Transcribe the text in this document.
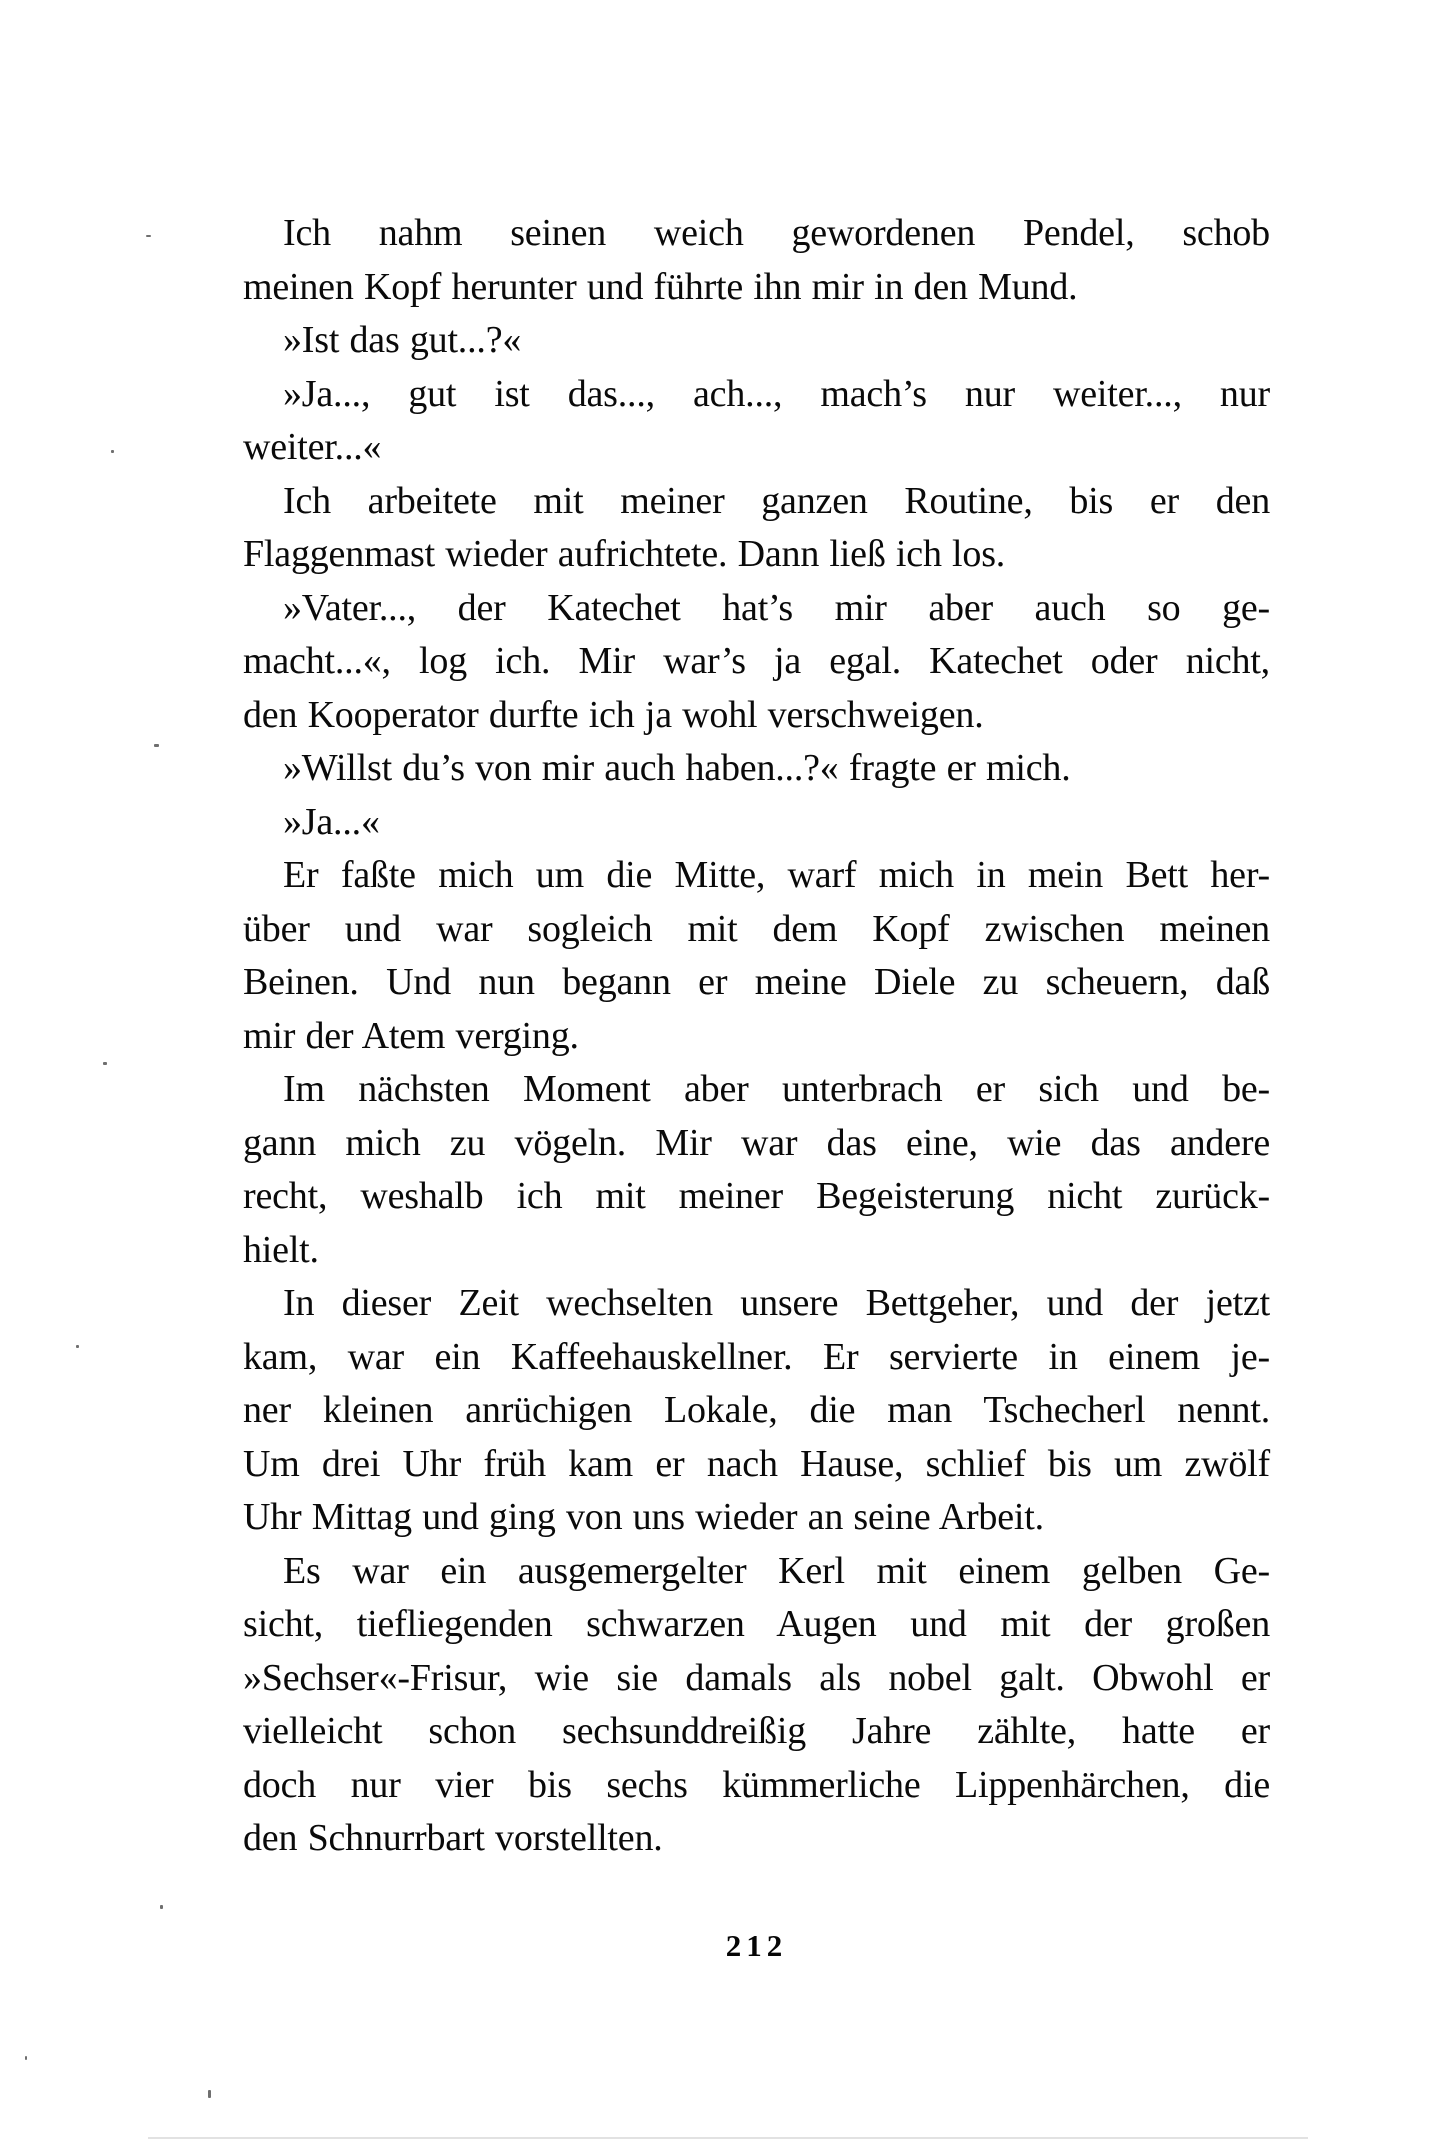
Ich nahm seinen weich gewordenen Pendel, schob
meinen Kopf herunter und führte ihn mir in den Mund.
»Ist das gut...?«
»Ja..., gut ist das..., ach..., mach’s nur weiter..., nur
weiter...«
Ich arbeitete mit meiner ganzen Routine, bis er den
Flaggenmast wieder aufrichtete. Dann ließ ich los.
»Vater..., der Katechet hat’s mir aber auch so ge-
macht...«, log ich. Mir war’s ja egal. Katechet oder nicht,
den Kooperator durfte ich ja wohl verschweigen.
»Willst du’s von mir auch haben...?« fragte er mich.
»Ja...«
Er faßte mich um die Mitte, warf mich in mein Bett her-
über und war sogleich mit dem Kopf zwischen meinen
Beinen. Und nun begann er meine Diele zu scheuern, daß
mir der Atem verging.
Im nächsten Moment aber unterbrach er sich und be-
gann mich zu vögeln. Mir war das eine, wie das andere
recht, weshalb ich mit meiner Begeisterung nicht zurück-
hielt.
In dieser Zeit wechselten unsere Bettgeher, und der jetzt
kam, war ein Kaffeehauskellner. Er servierte in einem je-
ner kleinen anrüchigen Lokale, die man Tschecherl nennt.
Um drei Uhr früh kam er nach Hause, schlief bis um zwölf
Uhr Mittag und ging von uns wieder an seine Arbeit.
Es war ein ausgemergelter Kerl mit einem gelben Ge-
sicht, tiefliegenden schwarzen Augen und mit der großen
»Sechser«-Frisur, wie sie damals als nobel galt. Obwohl er
vielleicht schon sechsunddreißig Jahre zählte, hatte er
doch nur vier bis sechs kümmerliche Lippenhärchen, die
den Schnurrbart vorstellten.
212
